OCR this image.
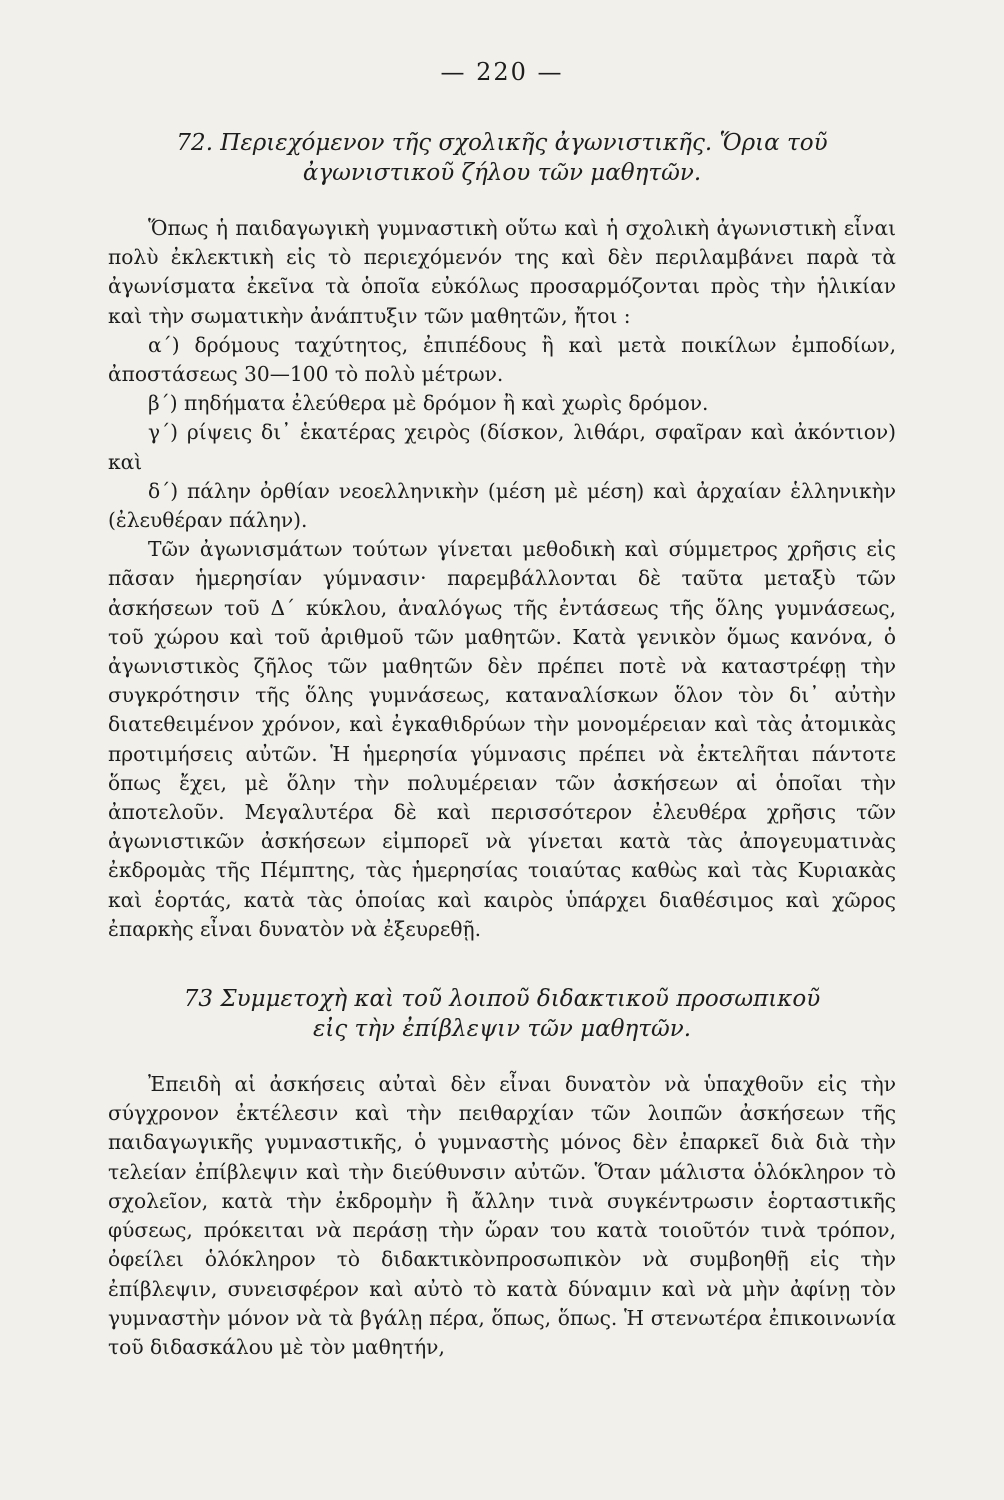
— 220 —
72. Περιεχόμενον τῆς σχολικῆς ἀγωνιστικῆς. Ὅρια τοῦ
ἀγωνιστικοῦ ζήλου τῶν μαθητῶν.

Ὅπως ἡ παιδαγωγικὴ γυμναστικὴ οὕτω καὶ ἡ σχολικὴ ἀγωνιστικὴ εἶναι πολὺ ἐκλεκτικὴ εἰς τὸ περιεχόμενόν της καὶ δὲν περιλαμβάνει παρὰ τὰ ἀγωνίσματα ἐκεῖνα τὰ ὁποῖα εὐκόλως προσαρμόζονται πρὸς τὴν ἡλικίαν καὶ τὴν σωματικὴν ἀνάπτυξιν τῶν μαθητῶν, ἤτοι :

α΄) δρόμους ταχύτητος, ἐπιπέδους ἢ καὶ μετὰ ποικίλων ἐμποδίων, ἀποστάσεως 30—100 τὸ πολὺ μέτρων.

β΄) πηδήματα ἐλεύθερα μὲ δρόμον ἢ καὶ χωρὶς δρόμον.

γ΄) ρίψεις δι᾽ ἑκατέρας χειρὸς (δίσκον, λιθάρι, σφαῖραν καὶ ἀκόντιον) καὶ

δ΄) πάλην ὀρθίαν νεοελληνικὴν (μέση μὲ μέση) καὶ ἀρχαίαν ἑλληνικὴν (ἐλευθέραν πάλην).

Τῶν ἀγωνισμάτων τούτων γίνεται μεθοδικὴ καὶ σύμμετρος χρῆσις εἰς πᾶσαν ἡμερησίαν γύμνασιν· παρεμβάλλονται δὲ ταῦτα μεταξὺ τῶν ἀσκήσεων τοῦ Δ΄ κύκλου, ἀναλόγως τῆς ἐντάσεως τῆς ὅλης γυμνάσεως, τοῦ χώρου καὶ τοῦ ἀριθμοῦ τῶν μαθητῶν. Κατὰ γενικὸν ὅμως κανόνα, ὁ ἀγωνιστικὸς ζῆλος τῶν μαθητῶν δὲν πρέπει ποτὲ νὰ καταστρέφῃ τὴν συγκρότησιν τῆς ὅλης γυμνάσεως, καταναλίσκων ὅλον τὸν δι᾽ αὐτὴν διατεθειμένον χρόνον, καὶ ἐγκαθιδρύων τὴν μονομέρειαν καὶ τὰς ἀτομικὰς προτιμήσεις αὐτῶν. Ἡ ἡμερησία γύμνασις πρέπει νὰ ἐκτελῆται πάντοτε ὅπως ἔχει, μὲ ὅλην τὴν πολυμέρειαν τῶν ἀσκήσεων αἱ ὁποῖαι τὴν ἀποτελοῦν. Μεγαλυτέρα δὲ καὶ περισσότερον ἐλευθέρα χρῆσις τῶν ἀγωνιστικῶν ἀσκήσεων εἰμπορεῖ νὰ γίνεται κατὰ τὰς ἀπογευματινὰς ἐκδρομὰς τῆς Πέμπτης, τὰς ἡμερησίας τοιαύτας καθὼς καὶ τὰς Κυριακὰς καὶ ἑορτάς, κατὰ τὰς ὁποίας καὶ καιρὸς ὑπάρχει διαθέσιμος καὶ χῶρος ἐπαρκὴς εἶναι δυνατὸν νὰ ἐξευρεθῇ.

73 Συμμετοχὴ καὶ τοῦ λοιποῦ διδακτικοῦ προσωπικοῦ
εἰς τὴν ἐπίβλεψιν τῶν μαθητῶν.

Ἐπειδὴ αἱ ἀσκήσεις αὐταὶ δὲν εἶναι δυνατὸν νὰ ὑπαχθοῦν εἰς τὴν σύγχρονον ἐκτέλεσιν καὶ τὴν πειθαρχίαν τῶν λοιπῶν ἀσκήσεων τῆς παιδαγωγικῆς γυμναστικῆς, ὁ γυμναστὴς μόνος δὲν ἐπαρκεῖ διὰ διὰ τὴν τελείαν ἐπίβλεψιν καὶ τὴν διεύθυνσιν αὐτῶν. Ὅταν μάλιστα ὁλόκληρον τὸ σχολεῖον, κατὰ τὴν ἐκδρομὴν ἢ ἄλλην τινὰ συγκέντρωσιν ἑορταστικῆς φύσεως, πρόκειται νὰ περάσῃ τὴν ὥραν του κατὰ τοιοῦτόν τινὰ τρόπον, ὀφείλει ὁλόκληρον τὸ διδακτικὸνπροσωπικὸν νὰ συμβοηθῇ εἰς τὴν ἐπίβλεψιν, συνεισφέρον καὶ αὐτὸ τὸ κατὰ δύναμιν καὶ νὰ μὴν ἀφίνῃ τὸν γυμναστὴν μόνον νὰ τὰ βγάλῃ πέρα, ὅπως, ὅπως. Ἡ στενωτέρα ἐπικοινωνία τοῦ διδασκάλου μὲ τὸν μαθητήν,
